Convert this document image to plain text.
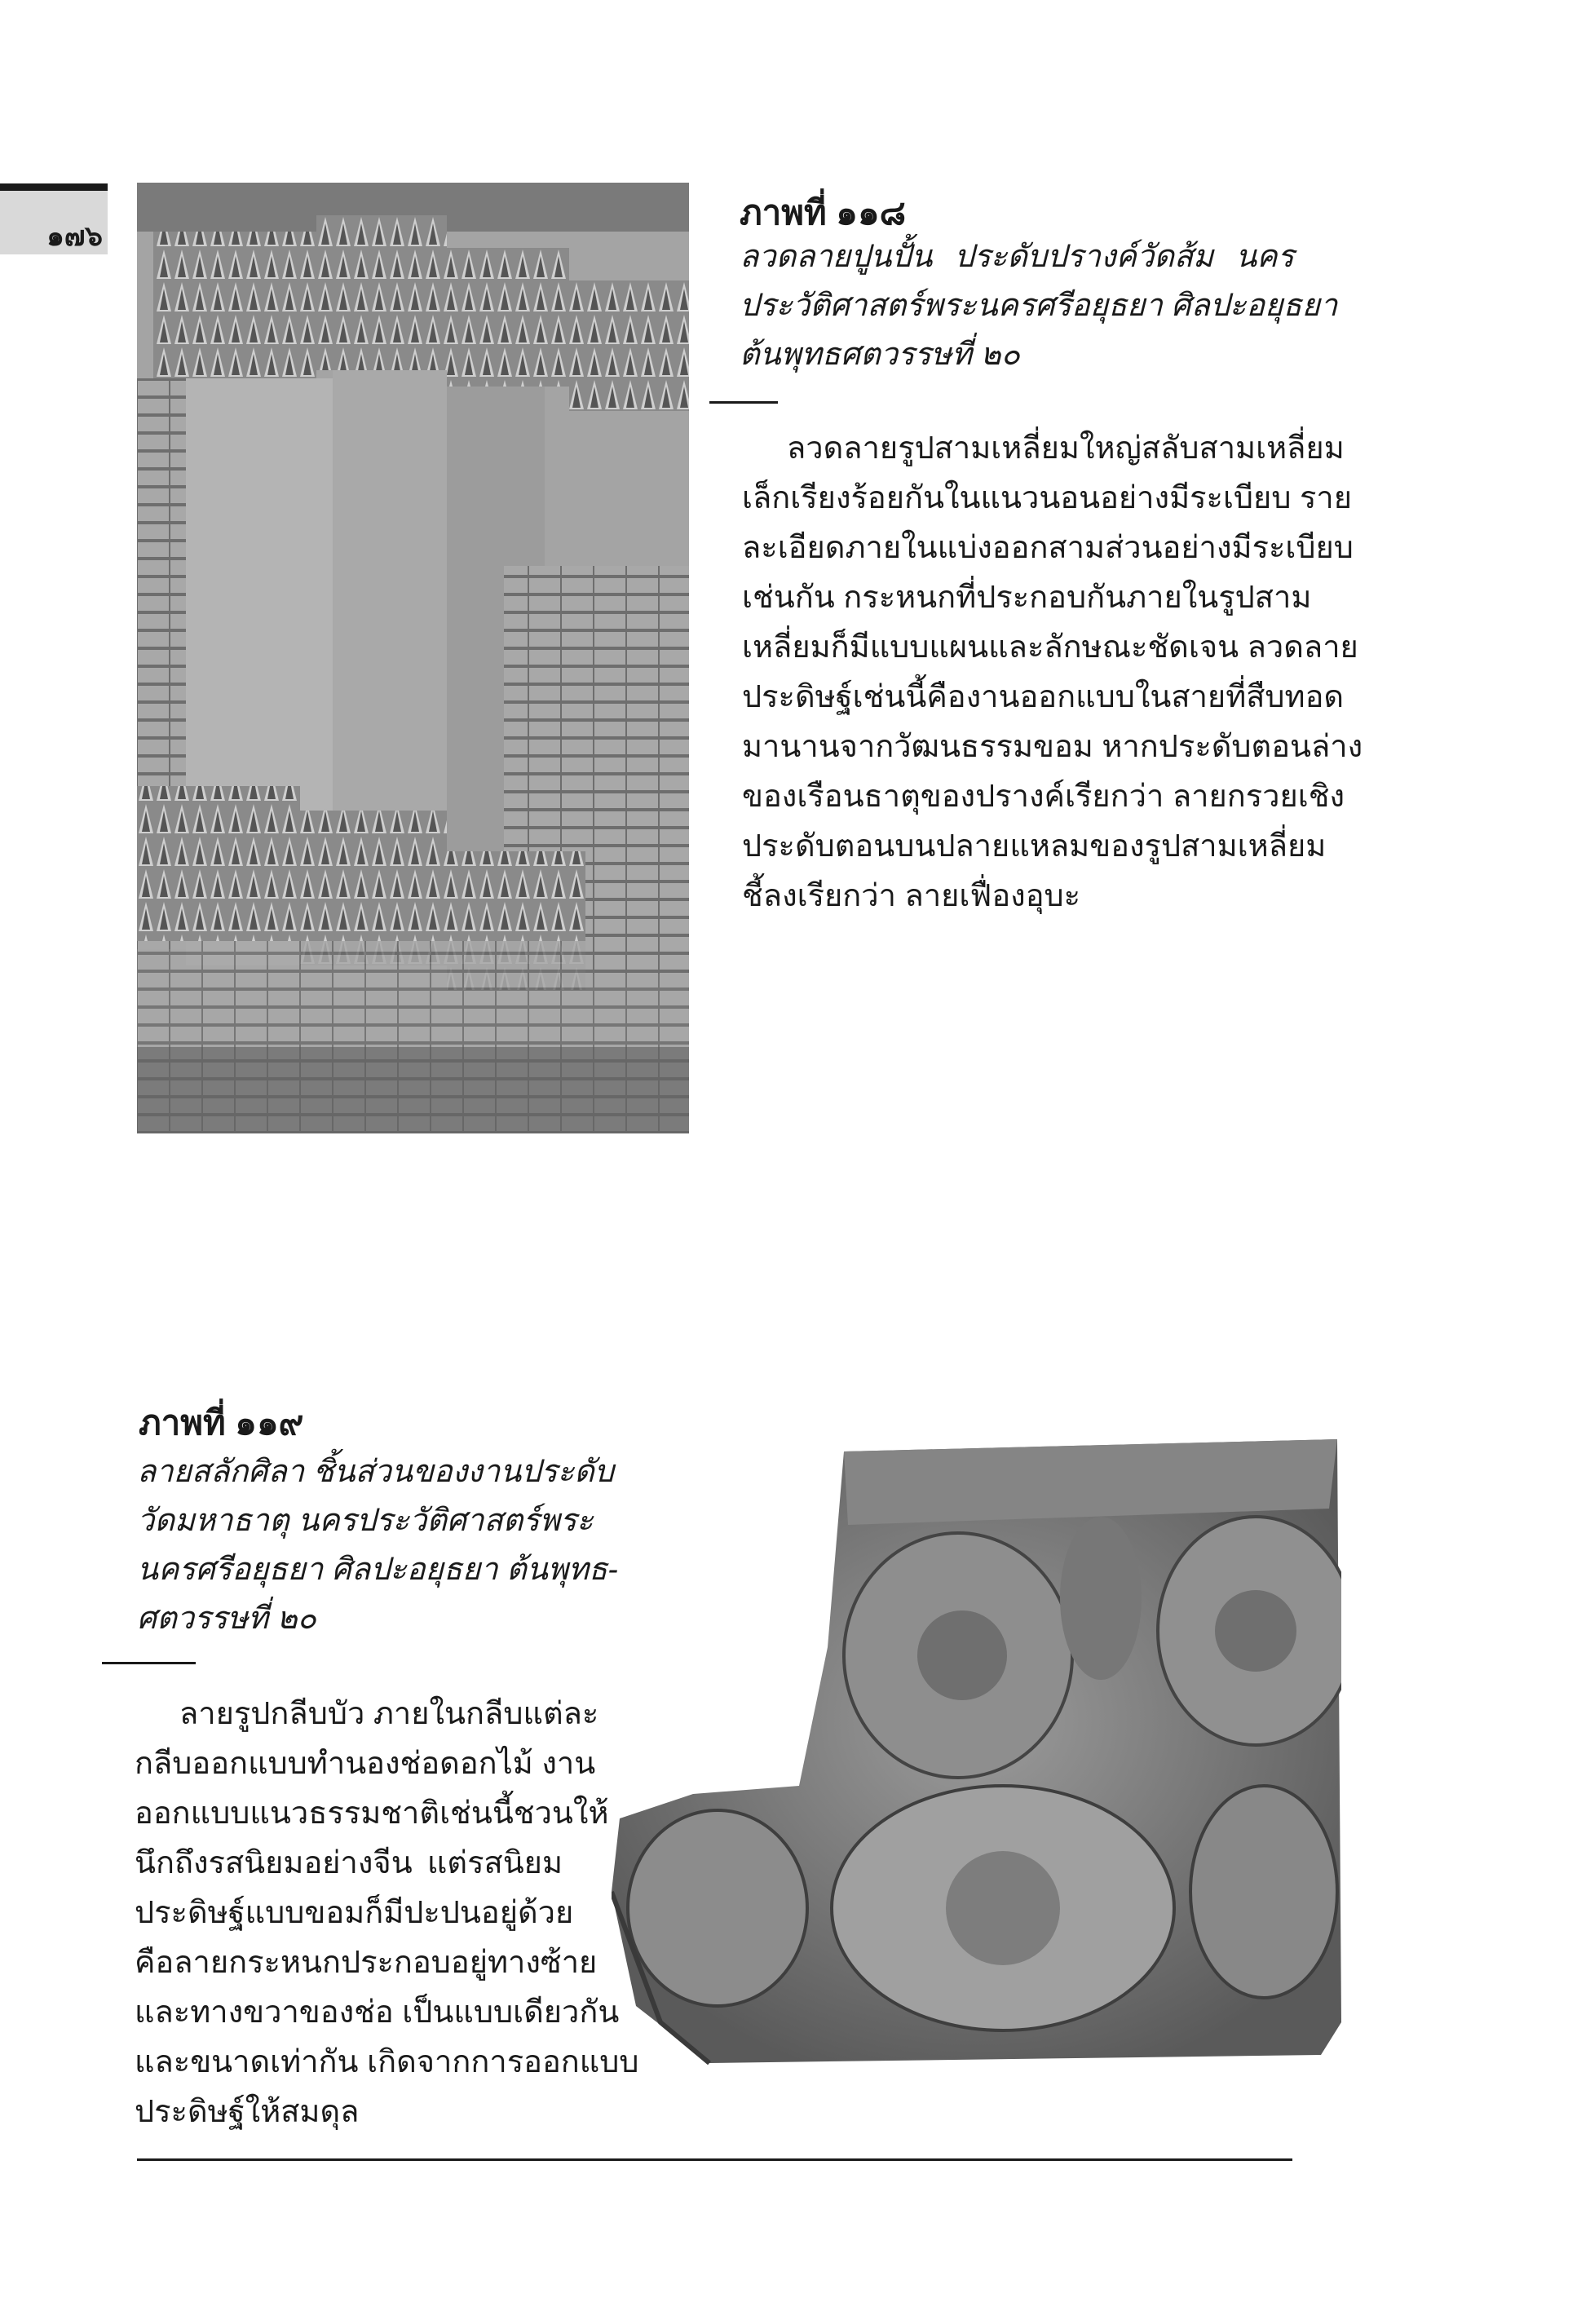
๑๗๖
ภาพที่ ๑๑๘
ลวดลายปูนปั้น ประดับปรางค์วัดส้ม นคร
ประวัติศาสตร์พระนครศรีอยุธยา ศิลปะอยุธยา
ต้นพุทธศตวรรษที่ ๒๐
ลวดลายรูปสามเหลี่ยมใหญ่สลับสามเหลี่ยม
เล็กเรียงร้อยกันในแนวนอนอย่างมีระเบียบ ราย
ละเอียดภายในแบ่งออกสามส่วนอย่างมีระเบียบ
เช่นกัน กระหนกที่ประกอบกันภายในรูปสาม
เหลี่ยมก็มีแบบแผนและลักษณะชัดเจน ลวดลาย
ประดิษฐ์เช่นนี้คืองานออกแบบในสายที่สืบทอด
มานานจากวัฒนธรรมขอม หากประดับตอนล่าง
ของเรือนธาตุของปรางค์เรียกว่า ลายกรวยเชิง
ประดับตอนบนปลายแหลมของรูปสามเหลี่ยม
ชี้ลงเรียกว่า ลายเฟื่องอุบะ
ภาพที่ ๑๑๙
ลายสลักศิลา ชิ้นส่วนของงานประดับ
วัดมหาธาตุ นครประวัติศาสตร์พระ
นครศรีอยุธยา ศิลปะอยุธยา ต้นพุทธ-
ศตวรรษที่ ๒๐
ลายรูปกลีบบัว ภายในกลีบแต่ละ
กลีบออกแบบทำนองช่อดอกไม้ งาน
ออกแบบแนวธรรมชาติเช่นนี้ชวนให้
นึกถึงรสนิยมอย่างจีน แต่รสนิยม
ประดิษฐ์แบบขอมก็มีปะปนอยู่ด้วย
คือลายกระหนกประกอบอยู่ทางซ้าย
และทางขวาของช่อ เป็นแบบเดียวกัน
และขนาดเท่ากัน เกิดจากการออกแบบ
ประดิษฐ์ให้สมดุล
